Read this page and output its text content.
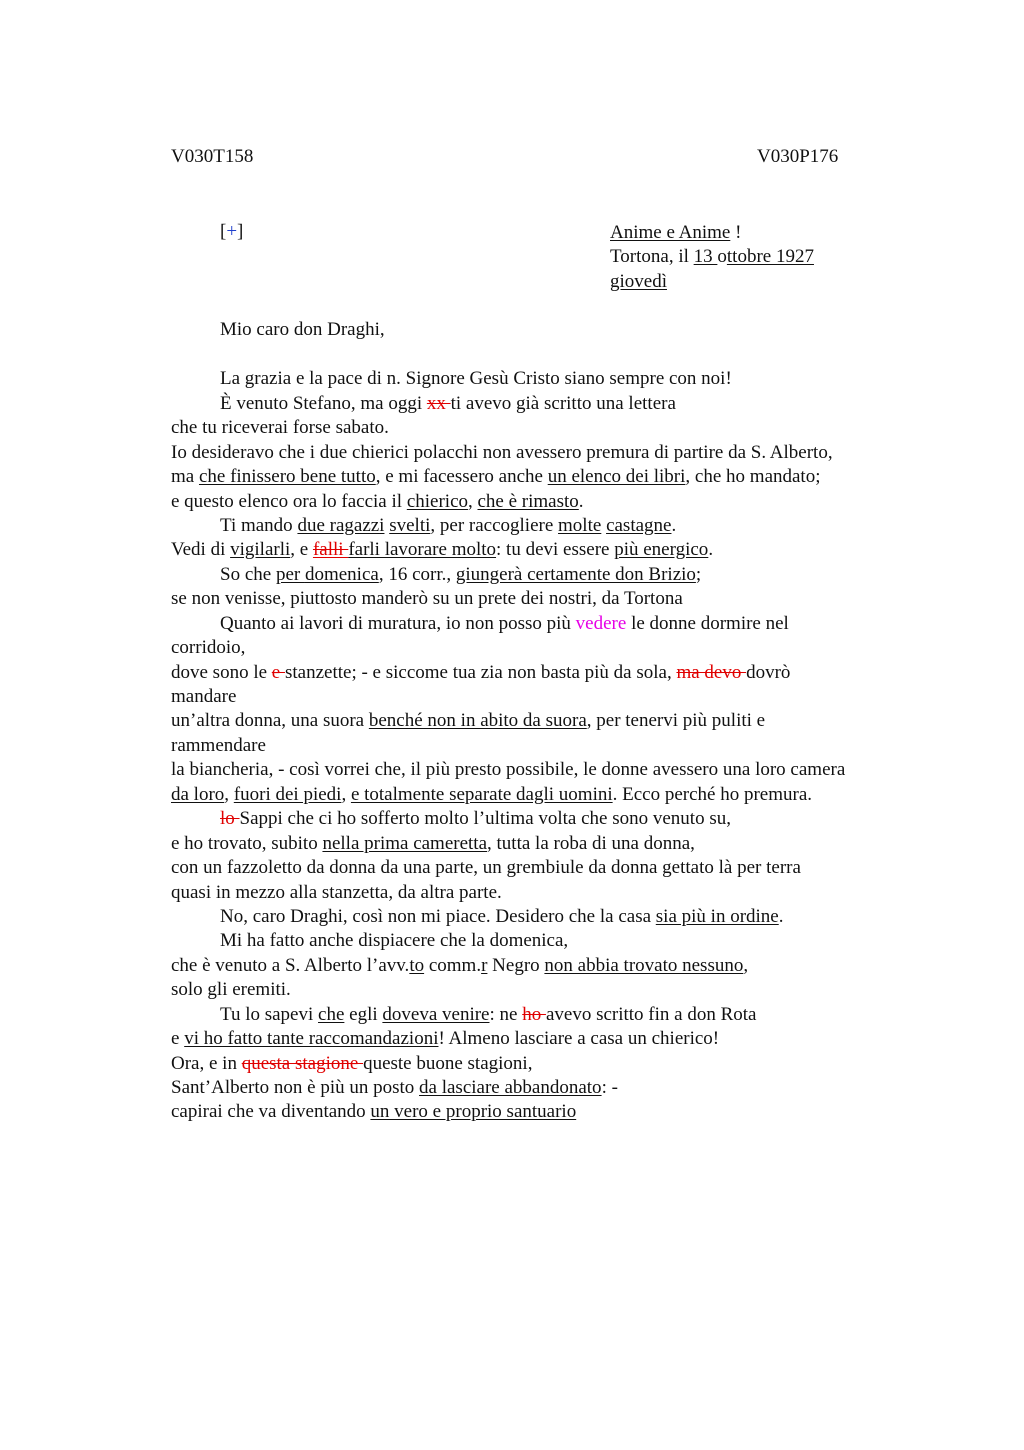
V030T158	V030P176
[+]	Anime e Anime !
Tortona, il 13 ottobre 1927
giovedì
Mio caro don Draghi,
La grazia e la pace di n. Signore Gesù Cristo siano sempre con noi!
È venuto Stefano, ma oggi xx ti avevo già scritto una lettera
che tu riceverai forse sabato.
Io desideravo che i due chierici polacchi non avessero premura di partire da S. Alberto,
ma che finissero bene tutto, e mi facessero anche un elenco dei libri, che ho mandato;
e questo elenco ora lo faccia il chierico, che è rimasto.
Ti mando due ragazzi svelti, per raccogliere molte castagne.
Vedi di vigilarli, e falli farli lavorare molto: tu devi essere più energico.
So che per domenica, 16 corr., giungerà certamente don Brizio;
se non venisse, piuttosto manderò su un prete dei nostri, da Tortona
Quanto ai lavori di muratura, io non posso più vedere le donne dormire nel
corridoio,
dove sono le e stanzette; - e siccome tua zia non basta più da sola, ma devo dovrò
mandare
un’altra donna, una suora benché non in abito da suora, per tenervi più puliti e
rammendare
la biancheria, - così vorrei che, il più presto possibile, le donne avessero una loro camera
da loro, fuori dei piedi, e totalmente separate dagli uomini. Ecco perché ho premura.
lo Sappi che ci ho sofferto molto l’ultima volta che sono venuto su,
e ho trovato, subito nella prima cameretta, tutta la roba di una donna,
con un fazzoletto da donna da una parte, un grembiule da donna gettato là per terra
quasi in mezzo alla stanzetta, da altra parte.
No, caro Draghi, così non mi piace. Desidero che la casa sia più in ordine.
Mi ha fatto anche dispiacere che la domenica,
che è venuto a S. Alberto l’avv.to comm.r Negro non abbia trovato nessuno,
solo gli eremiti.
Tu lo sapevi che egli doveva venire: ne ho avevo scritto fin a don Rota
e vi ho fatto tante raccomandazioni! Almeno lasciare a casa un chierico!
Ora, e in questa stagione queste buone stagioni,
Sant’Alberto non è più un posto da lasciare abbandonato: -
capirai che va diventando un vero e proprio santuario
